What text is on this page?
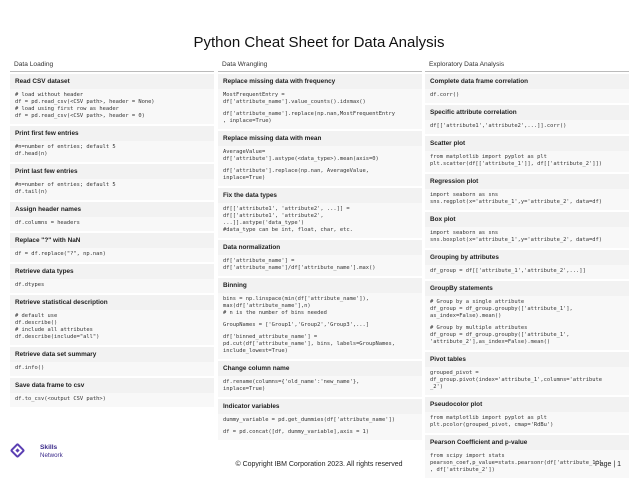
Python Cheat Sheet for Data Analysis
Data Loading
Read CSV dataset
# load without header
df = pd.read_csv(<CSV path>, header = None)
# load using first row as header
df = pd.read_csv(<CSV path>, header = 0)
Print first few entries
#n=number of entries; default 5
df.head(n)
Print last few entries
#n=number of entries; default 5
df.tail(n)
Assign header names
df.columns = headers
Replace "?" with NaN
df = df.replace("?", np.nan)
Retrieve data types
df.dtypes
Retrieve statistical description
# default use
df.describe()
# include all attributes
df.describe(include="all")
Retrieve data set summary
df.info()
Save data frame to csv
df.to_csv(<output CSV path>)
Data Wrangling
Replace missing data with frequency
MostFrequentEntry =
df['attribute_name'].value_counts().idxmax()
df['attribute_name'].replace(np.nan,MostFrequentEntry
, inplace=True)
Replace missing data with mean
AverageValue=
df['attribute'].astype(<data_type>).mean(axis=0)
df['attribute'].replace(np.nan, AverageValue,
inplace=True)
Fix the data types
df[['attribute1', 'attribute2', ...]] =
df[['attribute1', 'attribute2',
...]].astype('data_type')
#data_type can be int, float, char, etc.
Data normalization
df['attribute_name'] =
df['attribute_name']/df['attribute_name'].max()
Binning
bins = np.linspace(min(df['attribute_name']),
max(df['attribute_name'],n)
# n is the number of bins needed
GroupNames = ['Group1','Group2','Group3',...]
df['binned_attribute_name'] =
pd.cut(df['attribute_name'], bins, labels=GroupNames,
include_lowest=True)
Change column name
df.rename(columns={'old_name':'new_name'},
inplace=True)
Indicator variables
dummy_variable = pd.get_dummies(df['attribute_name'])
df = pd.concat([df, dummy_variable],axis = 1)
Exploratory Data Analysis
Complete data frame correlation
df.corr()
Specific attribute correlation
df[['attribute1','attribute2',...]].corr()
Scatter plot
from matplotlib import pyplot as plt
plt.scatter(df[['attribute_1']], df[['attribute_2']])
Regression plot
import seaborn as sns
sns.regplot(x='attribute_1',y='attribute_2', data=df)
Box plot
import seaborn as sns
sns.boxplot(x='attribute_1',y='attribute_2', data=df)
Grouping by attributes
df_group = df[['attribute_1','attribute_2',...]]
GroupBy statements
# Group by a single attribute
df_group = df_group.groupby(['attribute_1'],
as_index=False).mean()
# Group by multiple attributes
df_group = df_group.groupby(['attribute_1',
'attribute_2'],as_index=False).mean()
Pivot tables
grouped_pivot =
df_group.pivot(index='attribute_1',columns='attribute
_2')
Pseudocolor plot
from matplotlib import pyplot as plt
plt.pcolor(grouped_pivot, cmap='RdBu')
Pearson Coefficient and p-value
from scipy import stats
pearson_coef,p_value=stats.pearsonr(df['attribute_1']
, df['attribute_2'])
Skills
Network
© Copyright IBM Corporation 2023. All rights reserved	Page | 1
